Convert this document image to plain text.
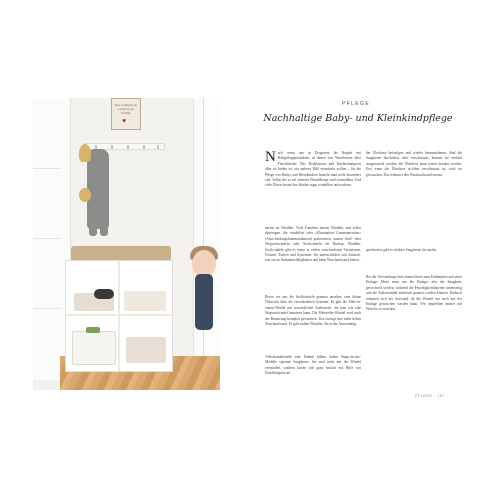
Das wichtigste im Leben ist die Familie
♥
PFLEGE
Nachhaltige Baby- und Kleinkindpflege

Nach wenn uns in Drogerien die Regale mit Babypflegeprodukten, in denen von Wundcreme über Feuchttücher, Öle, Bodylotions und Kindershampoos alles zu finden ist, ein anderes Bild vermitteln wollen – für die Pflege von Babys und Kleinkindern braucht man nicht besonders viel. Selbst die so oft zitierten Windelberge sind vermeidbar. Und viele Eltern lassen ihre Kinder sogar windelfrei aufwachsen.

nächst an Windeln. Viele Familien nutzen Windeln, und selbst diejenigen, die windelfrei oder »Elimination Communication« (Ausscheidungskommunikation) praktizieren, nutzen Stoff- oder Wegwerfwindeln oder Stoffwindeln als Backup. Windeln, Stoffwindeln gibt es heute in vielen verschiedenen Variationen, Formen, Farben und Systemen. Sie unterscheiden sich dadurch, was sie an Aufnahmefähigkeiten und beim Waschaufwand bieten.

Bevor wir uns die Stoffwindeln genauer ansehen, eine kleine Übersicht über die verschiedenen Systeme: Es gibt die Alles-in-einem-Windel mit wasserdichter Außenseite, die man wie eine Wegwerfwindel benutzen kann. Die Mehrteiler-Windel wird nach der Benutzung komplett gewaschen. Das erzeugt eine mehr hohen Waschaufwand. Es gibt zudem Windeln, die in der Anwendung.

Allesinsmallerteile eine Einheit bilden, haben Snaps-in-one-Modelle separate Saugkerne. Sie sind nicht mit der Windel verbunden, sondern lassen sich ganz einfach mit Hilfe von Druckknöpfen an

der Überhose befestigen und wieder herausnehmen. Sind die Saugkerne durchnässt oder verschmutzt, können sie einfach ausgetauscht werden, die Überhose kann weiter benutzt werden. Erst wenn die Überhose sichtbar verschmutzt ist, wird sie gewaschen. Das reduziert den Waschaufwand enorm.

spielsweise gibt es stärkere Saugkerne für nachts.

Bei der Verwendung eines Innenvlieses zum Einknöpfen und einer Einlage: Meist muss nur die Einlage, also der Saugkern, gewechselt werden, während die Feuchtigkeitsbarriere innenseitig und die Außenwindel mehrfach genutzt werden können. Dadurch reduziert sich der Aufwand, da die Windel nur noch mit der Einlage gewaschen werden kann. Wir empfehlen immer mit Wäsche zu waschen.

PFLEGE · 157
